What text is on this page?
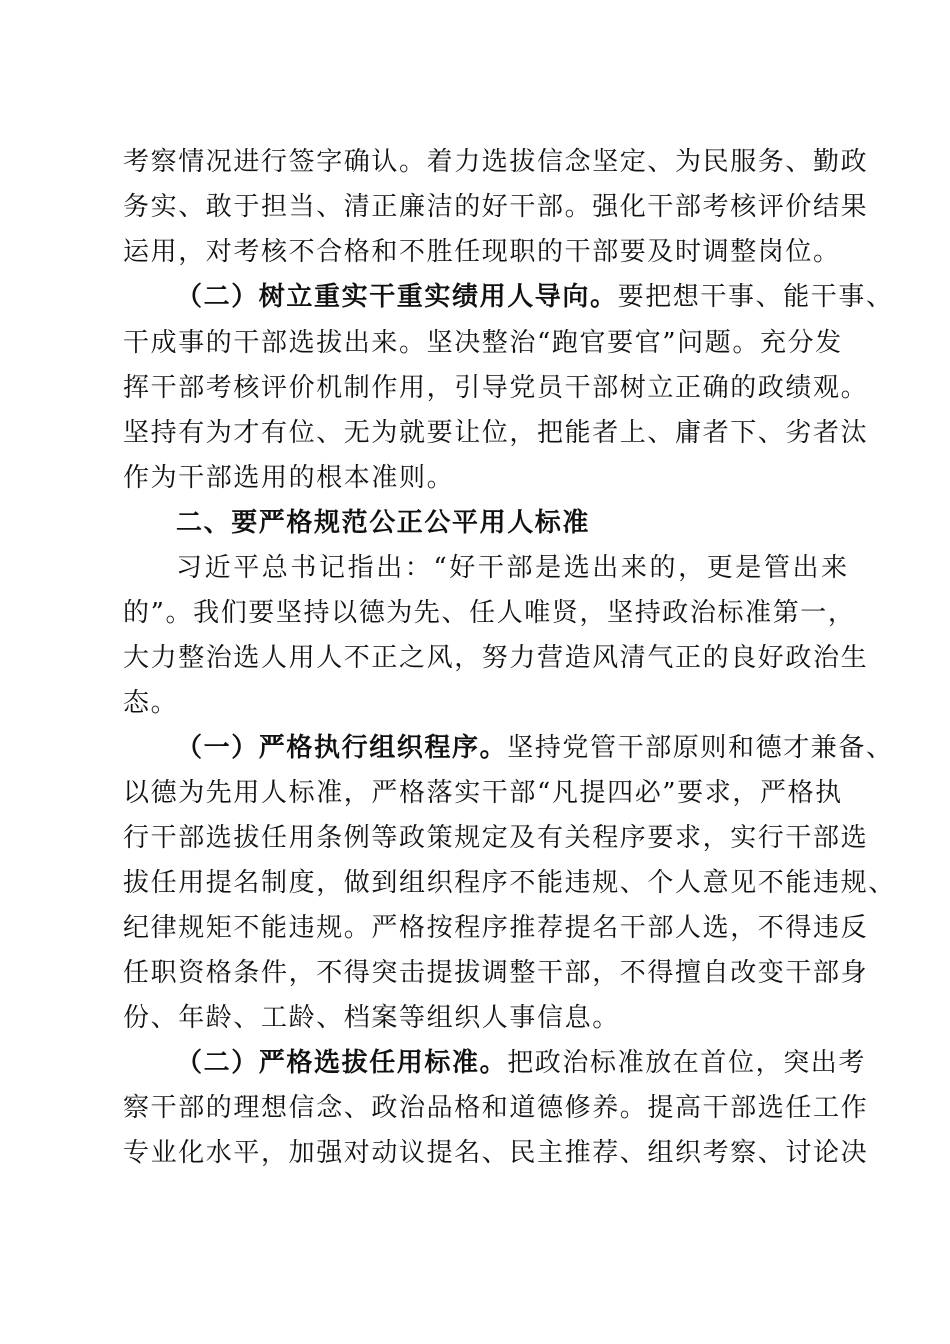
考察情况进行签字确认。着力选拔信念坚定、为民服务、勤政
务实、敢于担当、清正廉洁的好干部。强化干部考核评价结果
运用，对考核不合格和不胜任现职的干部要及时调整岗位。
（二）树立重实干重实绩用人导向。要把想干事、能干事、
干成事的干部选拔出来。坚决整治“跑官要官”问题。充分发
挥干部考核评价机制作用，引导党员干部树立正确的政绩观。
坚持有为才有位、无为就要让位，把能者上、庸者下、劣者汰
作为干部选用的根本准则。
二、要严格规范公正公平用人标准
习近平总书记指出：“好干部是选出来的，更是管出来
的”。我们要坚持以德为先、任人唯贤，坚持政治标准第一，
大力整治选人用人不正之风，努力营造风清气正的良好政治生
态。
（一）严格执行组织程序。坚持党管干部原则和德才兼备、
以德为先用人标准，严格落实干部“凡提四必”要求，严格执
行干部选拔任用条例等政策规定及有关程序要求，实行干部选
拔任用提名制度，做到组织程序不能违规、个人意见不能违规、
纪律规矩不能违规。严格按程序推荐提名干部人选，不得违反
任职资格条件，不得突击提拔调整干部，不得擅自改变干部身
份、年龄、工龄、档案等组织人事信息。
（二）严格选拔任用标准。把政治标准放在首位，突出考
察干部的理想信念、政治品格和道德修养。提高干部选任工作
专业化水平，加强对动议提名、民主推荐、组织考察、讨论决
